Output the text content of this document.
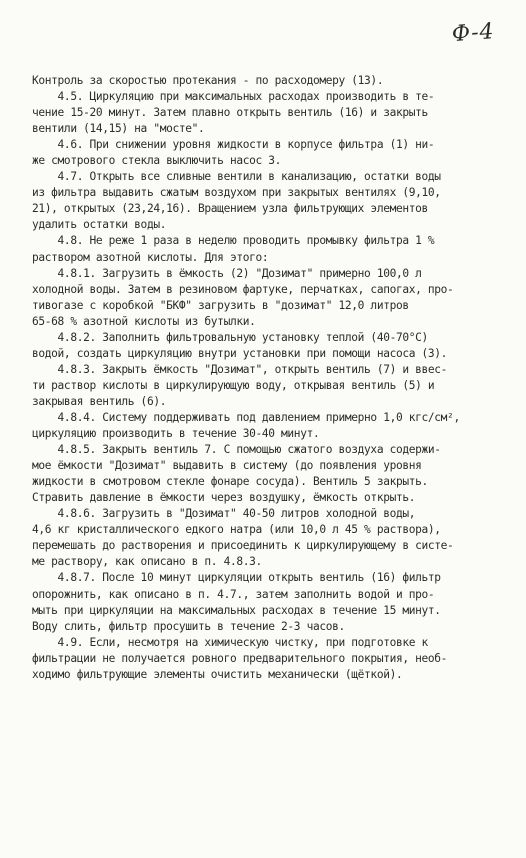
Ф-4
Контроль за скоростью протекания - по расходомеру (13).
4.5. Циркуляцию при максимальных расходах производить в те-
чение 15-20 минут. Затем плавно открыть вентиль (16) и закрыть
вентили (14,15) на "мосте".
4.6. При снижении уровня жидкости в корпусе фильтра (1) ни-
же смотрового стекла выключить насос 3.
4.7. Открыть все сливные вентили в канализацию, остатки воды
из фильтра выдавить сжатым воздухом при закрытых вентилях (9,10,
21), открытых (23,24,16). Вращением узла фильтрующих элементов
удалить остатки воды.
4.8. Не реже 1 раза в неделю проводить промывку фильтра 1 %
раствором азотной кислоты. Для этого:
4.8.1. Загрузить в ёмкость (2) "Дозимат" примерно 100,0 л
холодной воды. Затем в резиновом фартуке, перчатках, сапогах, про-
тивогазе с коробкой "БКФ" загрузить в "дозимат" 12,0 литров
65-68 % азотной кислоты из бутылки.
4.8.2. Заполнить фильтровальную установку теплой (40-70°C)
водой, создать циркуляцию внутри установки при помощи насоса (3).
4.8.3. Закрыть ёмкость "Дозимат", открыть вентиль (7) и ввес-
ти раствор кислоты в циркулирующую воду, открывая вентиль (5) и
закрывая вентиль (6).
4.8.4. Систему поддерживать под давлением примерно 1,0 кгс/см²,
циркуляцию производить в течение 30-40 минут.
4.8.5. Закрыть вентиль 7. С помощью сжатого воздуха содержи-
мое ёмкости "Дозимат" выдавить в систему (до появления уровня
жидкости в смотровом стекле фонаре сосуда). Вентиль 5 закрыть.
Стравить давление в ёмкости через воздушку, ёмкость открыть.
4.8.6. Загрузить в "Дозимат" 40-50 литров холодной воды,
4,6 кг кристаллического едкого натра (или 10,0 л 45 % раствора),
перемешать до растворения и присоединить к циркулирующему в систе-
ме раствору, как описано в п. 4.8.3.
4.8.7. После 10 минут циркуляции открыть вентиль (16) фильтр
опорожнить, как описано в п. 4.7., затем заполнить водой и про-
мыть при циркуляции на максимальных расходах в течение 15 минут.
Воду слить, фильтр просушить в течение 2-3 часов.
4.9. Если, несмотря на химическую чистку, при подготовке к
фильтрации не получается ровного предварительного покрытия, необ-
ходимо фильтрующие элементы очистить механически (щёткой).
